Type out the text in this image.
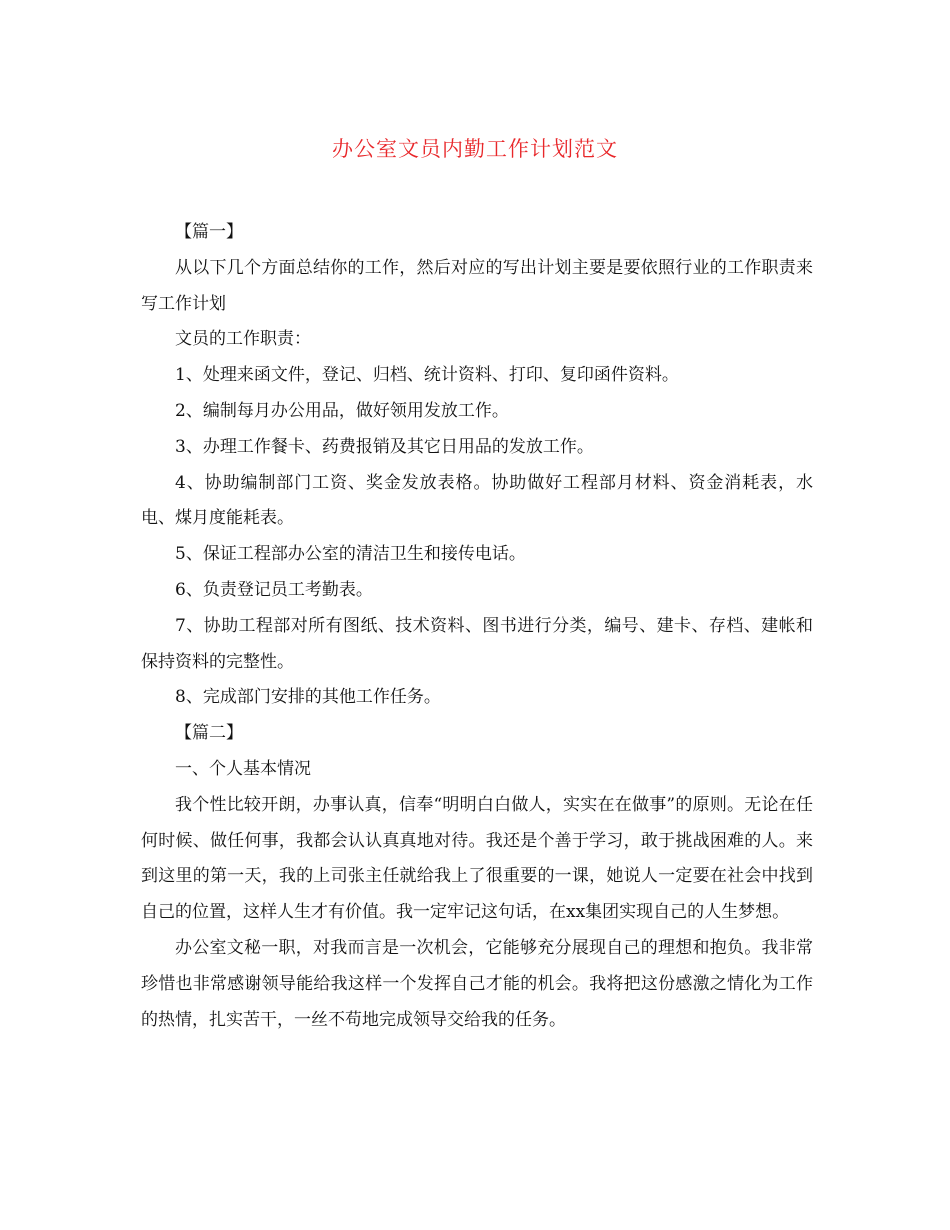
办公室文员内勤工作计划范文

【篇一】

从以下几个方面总结你的工作，然后对应的写出计划主要是要依照行业的工作职责来写工作计划

文员的工作职责：

1、处理来函文件，登记、归档、统计资料、打印、复印函件资料。

2、编制每月办公用品，做好领用发放工作。

3、办理工作餐卡、药费报销及其它日用品的发放工作。

4、协助编制部门工资、奖金发放表格。协助做好工程部月材料、资金消耗表，水电、煤月度能耗表。

5、保证工程部办公室的清洁卫生和接传电话。

6、负责登记员工考勤表。

7、协助工程部对所有图纸、技术资料、图书进行分类，编号、建卡、存档、建帐和保持资料的完整性。

8、完成部门安排的其他工作任务。

【篇二】

一、个人基本情况

我个性比较开朗，办事认真，信奉“明明白白做人，实实在在做事”的原则。无论在任何时候、做任何事，我都会认认真真地对待。我还是个善于学习，敢于挑战困难的人。来到这里的第一天，我的上司张主任就给我上了很重要的一课，她说人一定要在社会中找到自己的位置，这样人生才有价值。我一定牢记这句话，在xx集团实现自己的人生梦想。

办公室文秘一职，对我而言是一次机会，它能够充分展现自己的理想和抱负。我非常珍惜也非常感谢领导能给我这样一个发挥自己才能的机会。我将把这份感激之情化为工作的热情，扎实苦干，一丝不苟地完成领导交给我的任务。
